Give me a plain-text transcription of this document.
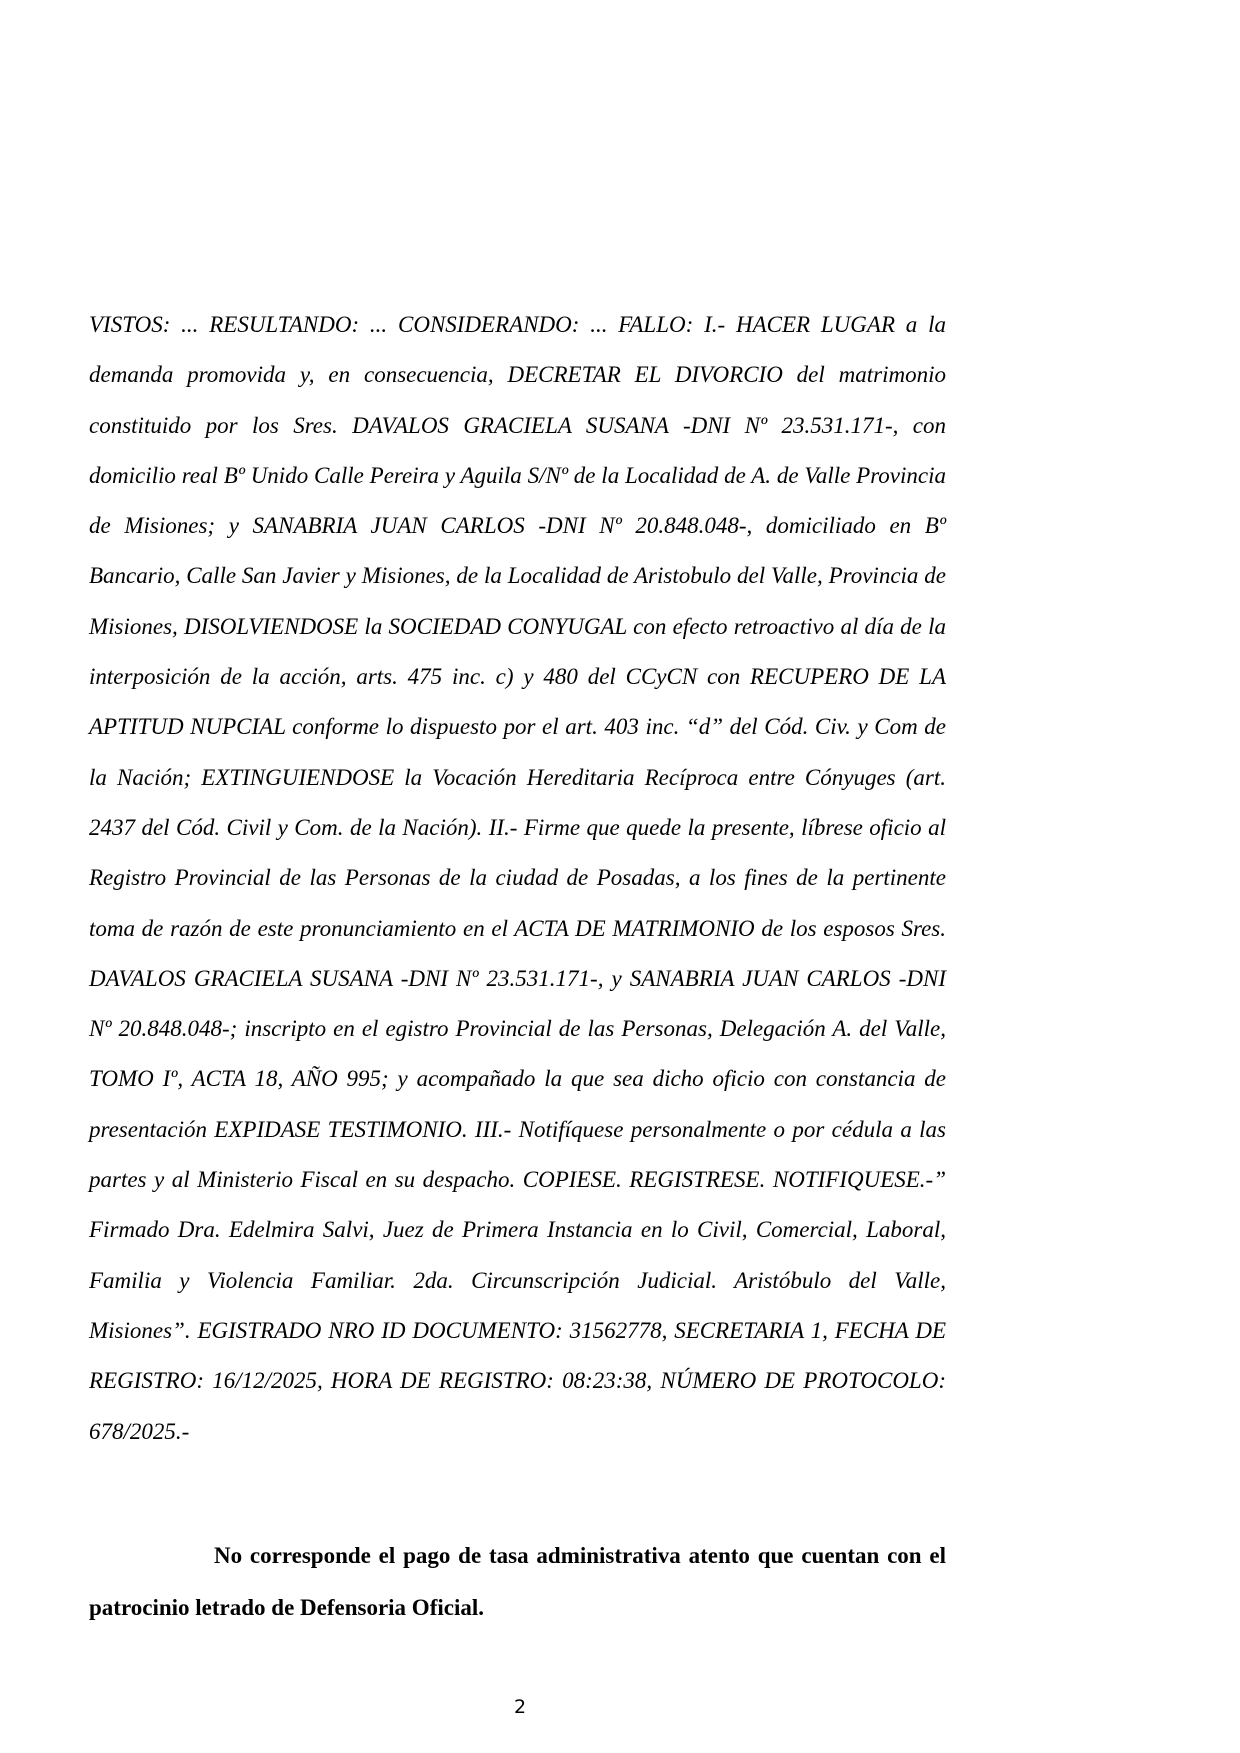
VISTOS: ... RESULTANDO: ... CONSIDERANDO: ... FALLO: I.- HACER LUGAR a la demanda promovida y, en consecuencia, DECRETAR EL DIVORCIO del matrimonio constituido por los Sres. DAVALOS GRACIELA SUSANA -DNI Nº 23.531.171-, con domicilio real Bº Unido Calle Pereira y Aguila S/Nº de la Localidad de A. de Valle Provincia de Misiones; y SANABRIA JUAN CARLOS -DNI Nº 20.848.048-, domiciliado en Bº Bancario, Calle San Javier y Misiones, de la Localidad de Aristobulo del Valle, Provincia de Misiones, DISOLVIENDOSE la SOCIEDAD CONYUGAL con efecto retroactivo al día de la interposición de la acción, arts. 475 inc. c) y 480 del CCyCN con RECUPERO DE LA APTITUD NUPCIAL conforme lo dispuesto por el art. 403 inc. “d” del Cód. Civ. y Com de la Nación; EXTINGUIENDOSE la Vocación Hereditaria Recíproca entre Cónyuges (art. 2437 del Cód. Civil y Com. de la Nación). II.- Firme que quede la presente, líbrese oficio al Registro Provincial de las Personas de la ciudad de Posadas, a los fines de la pertinente toma de razón de este pronunciamiento en el ACTA DE MATRIMONIO de los esposos Sres. DAVALOS GRACIELA SUSANA -DNI Nº 23.531.171-, y SANABRIA JUAN CARLOS -DNI Nº 20.848.048-; inscripto en el egistro Provincial de las Personas, Delegación A. del Valle, TOMO Iº, ACTA 18, AÑO 995; y acompañado la que sea dicho oficio con constancia de presentación EXPIDASE TESTIMONIO. III.- Notifíquese personalmente o por cédula a las partes y al Ministerio Fiscal en su despacho. COPIESE. REGISTRESE. NOTIFIQUESE.-” Firmado Dra. Edelmira Salvi, Juez de Primera Instancia en lo Civil, Comercial, Laboral, Familia y Violencia Familiar. 2da. Circunscripción Judicial. Aristóbulo del Valle, Misiones”. EGISTRADO NRO ID DOCUMENTO: 31562778, SECRETARIA 1, FECHA DE REGISTRO: 16/12/2025, HORA DE REGISTRO: 08:23:38, NÚMERO DE PROTOCOLO: 678/2025.-

No corresponde el pago de tasa administrativa atento que cuentan con el patrocinio letrado de Defensoria Oficial.

2
